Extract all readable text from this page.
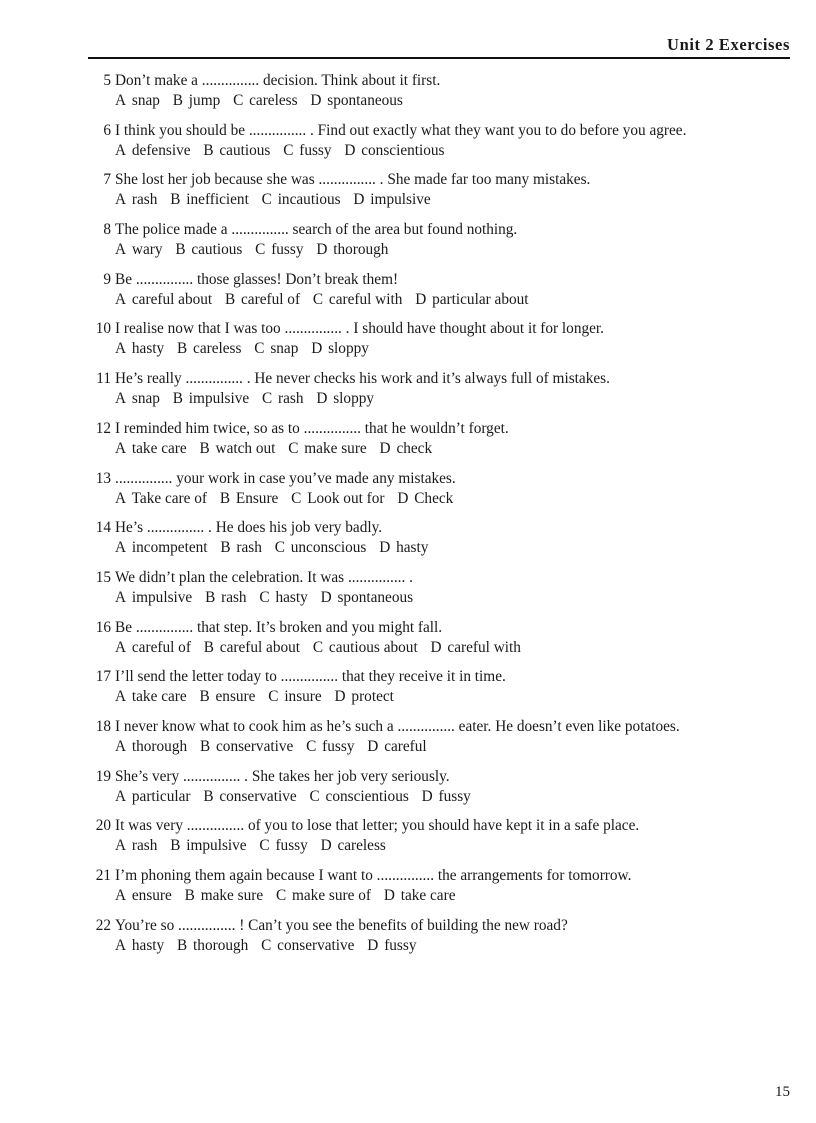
Unit 2 Exercises
5 Don’t make a ............... decision. Think about it first.
A snap B jump C careless D spontaneous
6 I think you should be ............... . Find out exactly what they want you to do before you agree.
A defensive B cautious C fussy D conscientious
7 She lost her job because she was ............... . She made far too many mistakes.
A rash B inefficient C incautious D impulsive
8 The police made a ............... search of the area but found nothing.
A wary B cautious C fussy D thorough
9 Be ............... those glasses! Don’t break them!
A careful about B careful of C careful with D particular about
10 I realise now that I was too ............... . I should have thought about it for longer.
A hasty B careless C snap D sloppy
11 He’s really ............... . He never checks his work and it’s always full of mistakes.
A snap B impulsive C rash D sloppy
12 I reminded him twice, so as to ............... that he wouldn’t forget.
A take care B watch out C make sure D check
13 ............... your work in case you’ve made any mistakes.
A Take care of B Ensure C Look out for D Check
14 He’s ............... . He does his job very badly.
A incompetent B rash C unconscious D hasty
15 We didn’t plan the celebration. It was ............... .
A impulsive B rash C hasty D spontaneous
16 Be ............... that step. It’s broken and you might fall.
A careful of B careful about C cautious about D careful with
17 I’ll send the letter today to ............... that they receive it in time.
A take care B ensure C insure D protect
18 I never know what to cook him as he’s such a ............... eater. He doesn’t even like potatoes.
A thorough B conservative C fussy D careful
19 She’s very ............... . She takes her job very seriously.
A particular B conservative C conscientious D fussy
20 It was very ............... of you to lose that letter; you should have kept it in a safe place.
A rash B impulsive C fussy D careless
21 I’m phoning them again because I want to ............... the arrangements for tomorrow.
A ensure B make sure C make sure of D take care
22 You’re so ............... ! Can’t you see the benefits of building the new road?
A hasty B thorough C conservative D fussy
15
